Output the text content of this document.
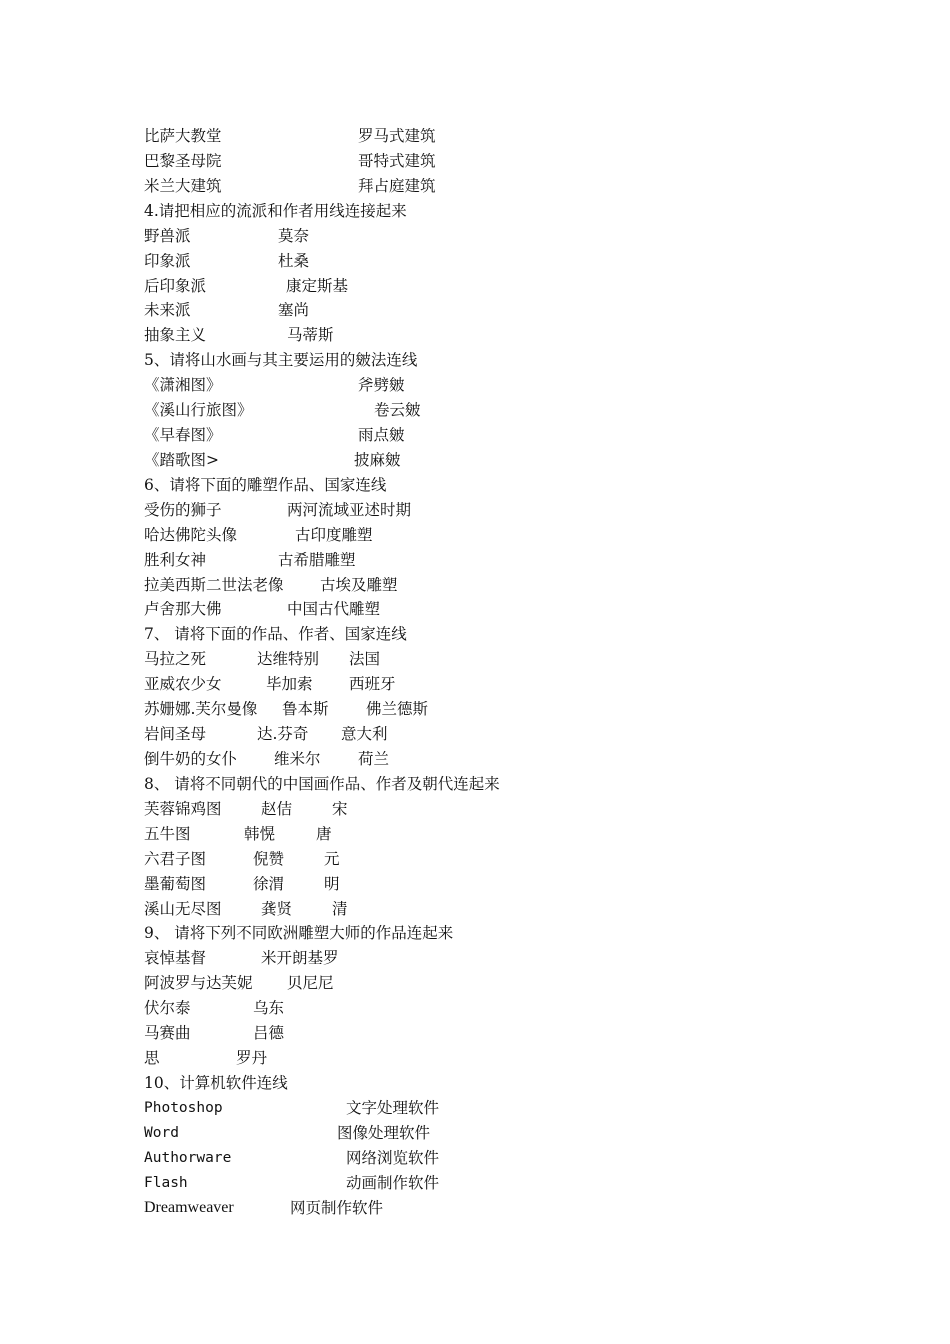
比萨大教堂	罗马式建筑
巴黎圣母院	哥特式建筑
米兰大建筑	拜占庭建筑
4.请把相应的流派和作者用线连接起来
野兽派	莫奈
印象派	杜桑
后印象派	康定斯基
未来派	塞尚
抽象主义	马蒂斯
5、请将山水画与其主要运用的皴法连线
《潇湘图》	斧劈皴
《溪山行旅图》	卷云皴
《早春图》	雨点皴
《踏歌图>	披麻皴
6、请将下面的雕塑作品、国家连线
受伤的狮子	两河流域亚述时期
哈达佛陀头像	古印度雕塑
胜利女神	古希腊雕塑
拉美西斯二世法老像 古埃及雕塑
卢舍那大佛	中国古代雕塑
7、 请将下面的作品、作者、国家连线
马拉之死	达维特别 法国
亚威农少女	毕加索 西班牙
苏姗娜.芙尔曼像 鲁本斯 佛兰德斯
岩间圣母	达.芬奇 意大利
倒牛奶的女仆 维米尔 荷兰
8、 请将不同朝代的中国画作品、作者及朝代连起来
芙蓉锦鸡图	赵佶	宋
五牛图	韩愰	唐
六君子图	倪赞	元
墨葡萄图	徐渭	明
溪山无尽图	龚贤	清
9、 请将下列不同欧洲雕塑大师的作品连起来
哀悼基督	米开朗基罗
阿波罗与达芙妮 贝尼尼
伏尔泰	乌东
马赛曲	吕德
思	罗丹
10、计算机软件连线
Photoshop	文字处理软件
Word	图像处理软件
Authorware	网络浏览软件
Flash	动画制作软件
Dreamweaver	网页制作软件
